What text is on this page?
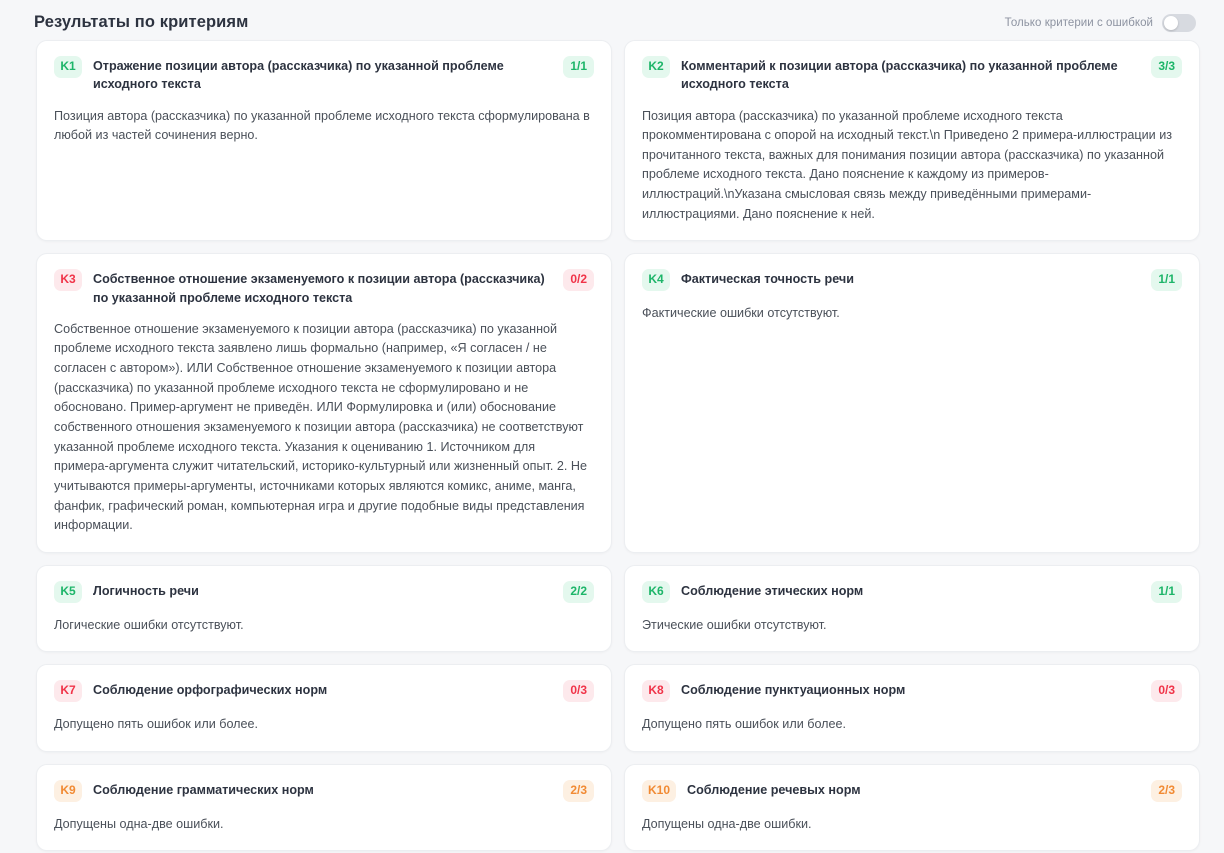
Результаты по критериям	Только критерии с ошибкой
K1	Отражение позиции автора (рассказчика) по указанной проблеме исходного текста
1/1
Позиция автора (рассказчика) по указанной проблеме исходного текста сформулирована в любой из частей сочинения верно.
K2	Комментарий к позиции автора (рассказчика) по указанной проблеме исходного текста
3/3
Позиция автора (рассказчика) по указанной проблеме исходного текста прокомментирована с опорой на исходный текст.\n Приведено 2 примера-иллюстрации из прочитанного текста, важных для понимания позиции автора (рассказчика) по указанной проблеме исходного текста. Дано пояснение к каждому из примеров-иллюстраций.\nУказана смысловая связь между приведёнными примерами-иллюстрациями. Дано пояснение к ней.
K3	Собственное отношение экзаменуемого к позиции автора (рассказчика) по указанной проблеме исходного текста
0/2
Собственное отношение экзаменуемого к позиции автора (рассказчика) по указанной проблеме исходного текста заявлено лишь формально (например, «Я согласен / не согласен с автором»). ИЛИ Собственное отношение экзаменуемого к позиции автора (рассказчика) по указанной проблеме исходного текста не сформулировано и не обосновано. Пример-аргумент не приведён. ИЛИ Формулировка и (или) обоснование собственного отношения экзаменуемого к позиции автора (рассказчика) не соответствуют указанной проблеме исходного текста. Указания к оцениванию 1. Источником для примера-аргумента служит читательский, историко-культурный или жизненный опыт. 2. Не учитываются примеры-аргументы, источниками которых являются комикс, аниме, манга, фанфик, графический роман, компьютерная игра и другие подобные виды представления информации.
K4	Фактическая точность речи	1/1
Фактические ошибки отсутствуют.
K5	Логичность речи	2/2
Логические ошибки отсутствуют.
K6	Соблюдение этических норм	1/1
Этические ошибки отсутствуют.
K7	Соблюдение орфографических норм	0/3
Допущено пять ошибок или более.
K8	Соблюдение пунктуационных норм	0/3
Допущено пять ошибок или более.
K9	Соблюдение грамматических норм	2/3
Допущены одна-две ошибки.
K10	Соблюдение речевых норм	2/3
Допущены одна-две ошибки.
